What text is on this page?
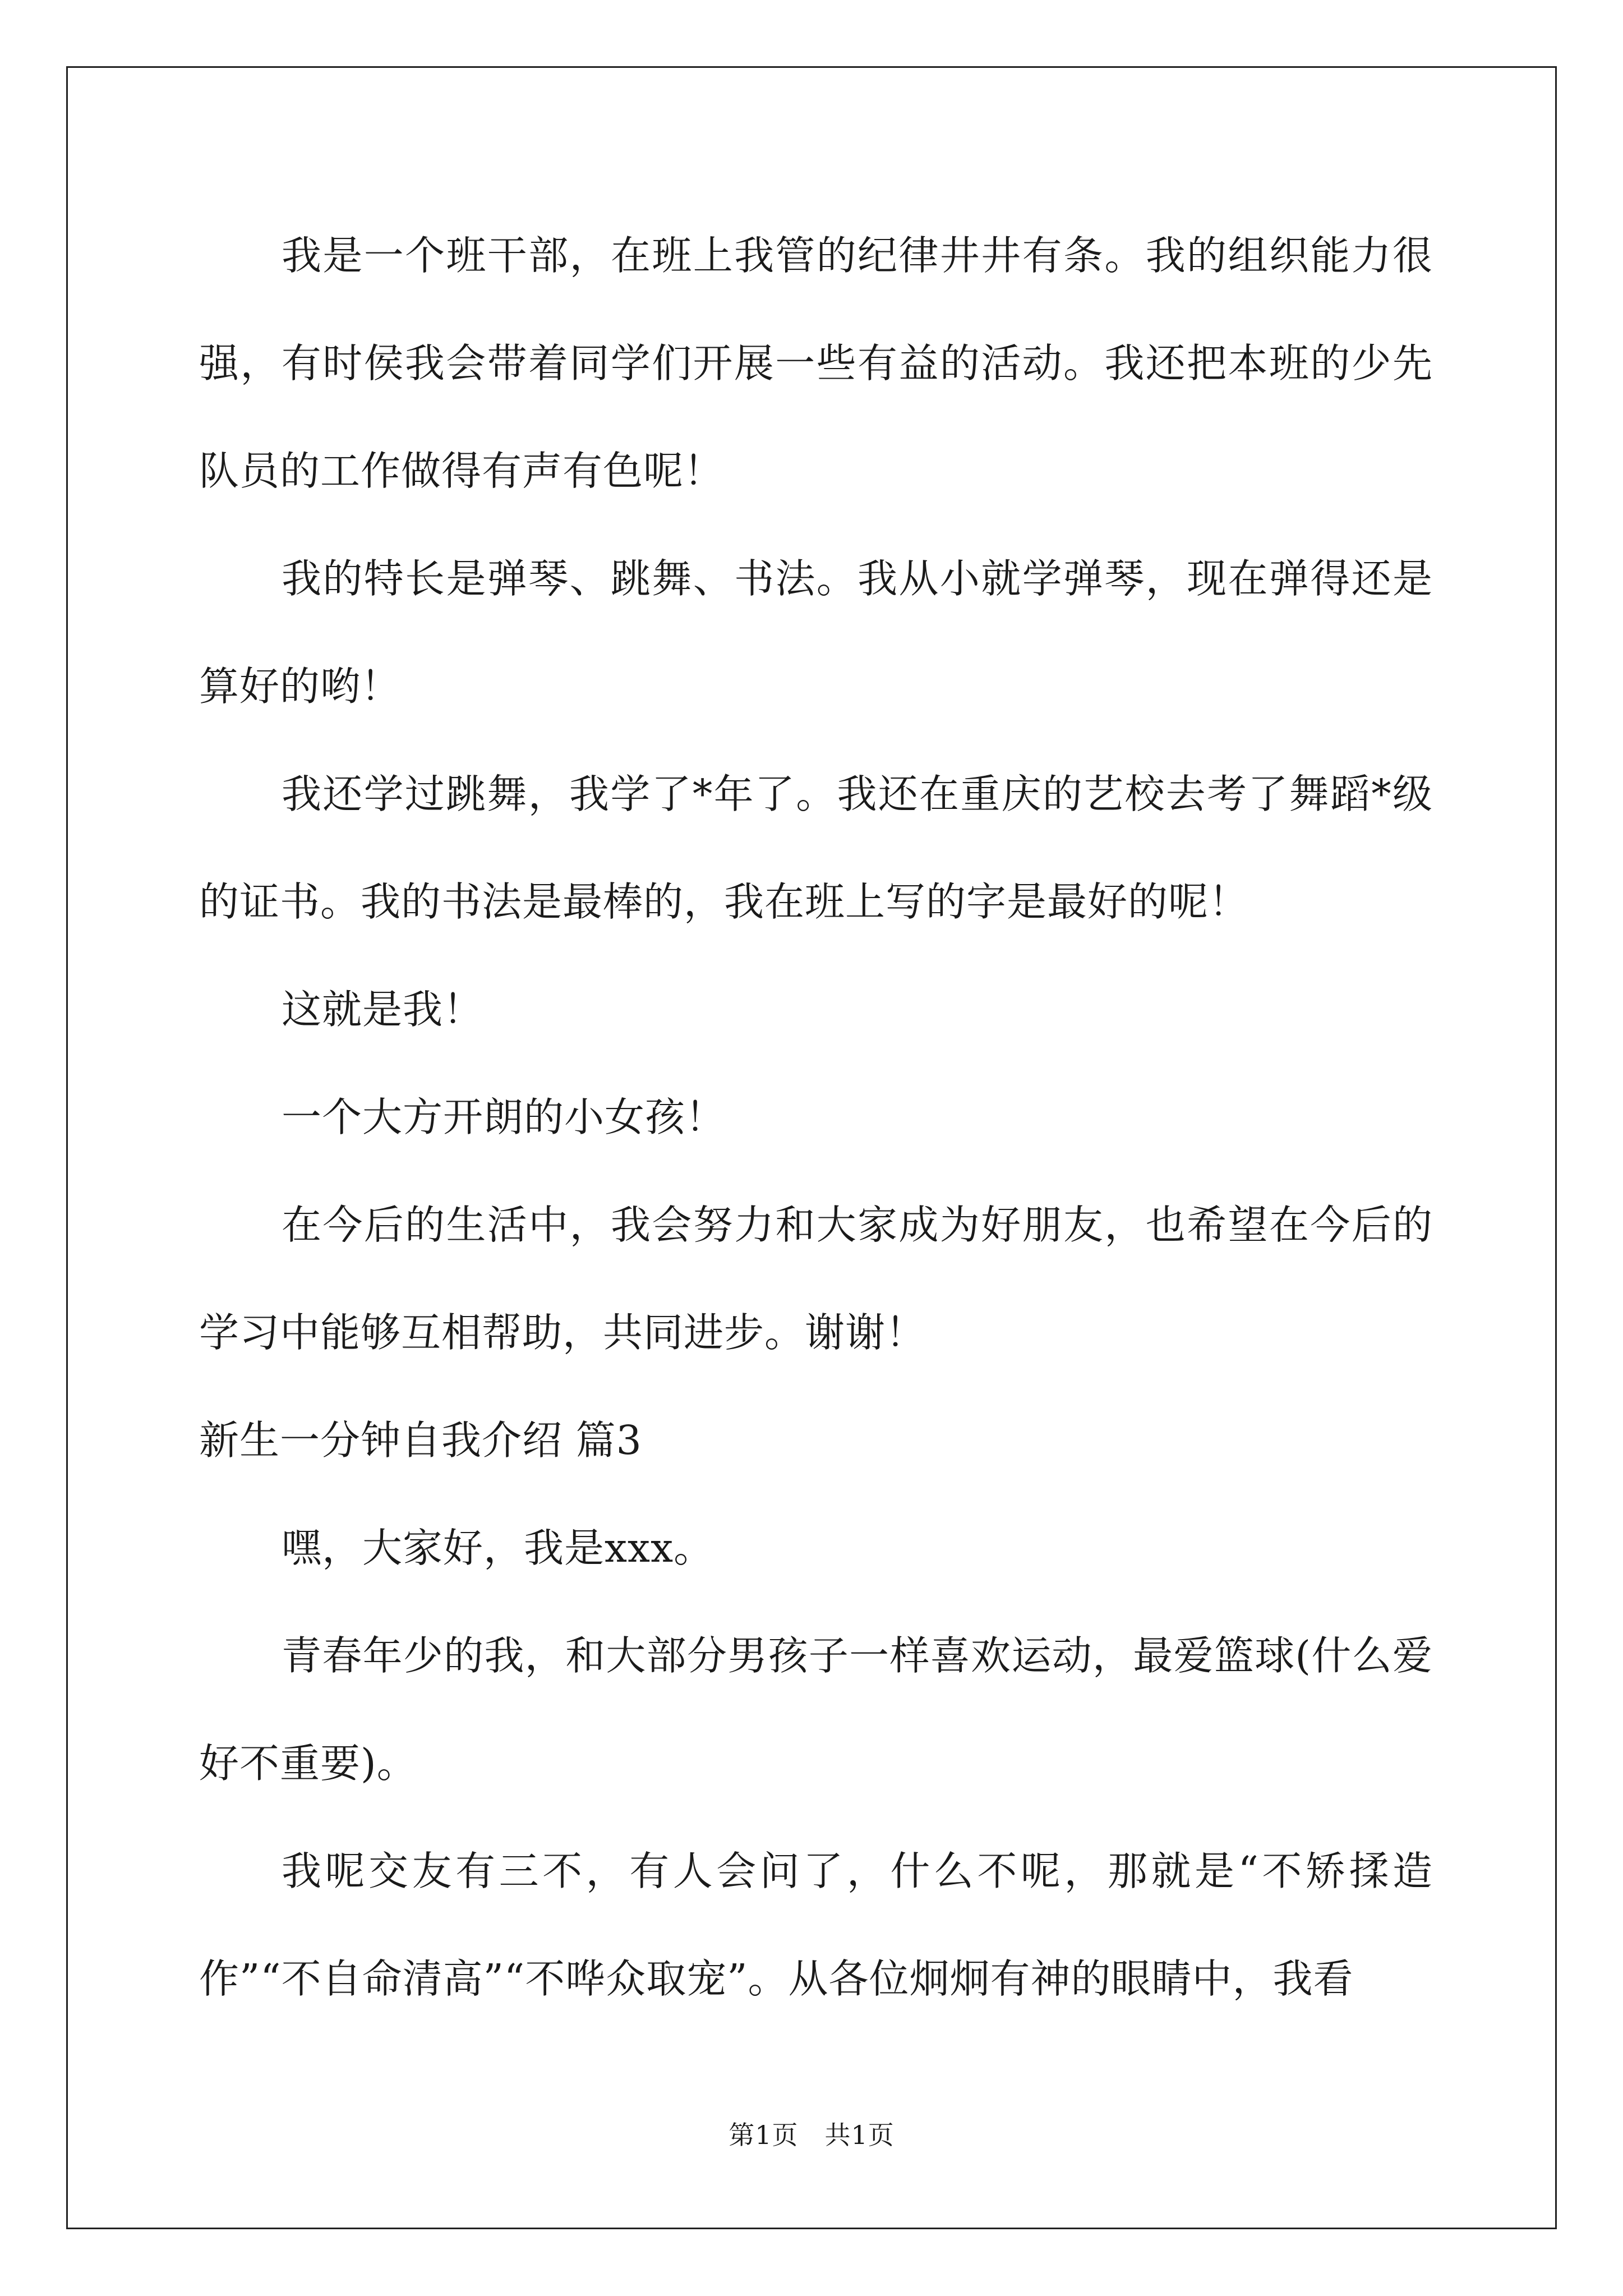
我是一个班干部，在班上我管的纪律井井有条。我的组织能力很强，有时侯我会带着同学们开展一些有益的活动。我还把本班的少先队员的工作做得有声有色呢！

我的特长是弹琴、跳舞、书法。我从小就学弹琴，现在弹得还是算好的哟！

我还学过跳舞，我学了*年了。我还在重庆的艺校去考了舞蹈*级的证书。我的书法是最棒的，我在班上写的字是最好的呢！

这就是我！

一个大方开朗的小女孩！

在今后的生活中，我会努力和大家成为好朋友，也希望在今后的学习中能够互相帮助，共同进步。谢谢！

新生一分钟自我介绍 篇3

嘿，大家好，我是xxx。

青春年少的我，和大部分男孩子一样喜欢运动，最爱篮球(什么爱好不重要)。

我呢交友有三不，有人会问了，什么不呢，那就是“不矫揉造作”“不自命清高”“不哗众取宠”。从各位炯炯有神的眼睛中，我看

第1页　共1页
